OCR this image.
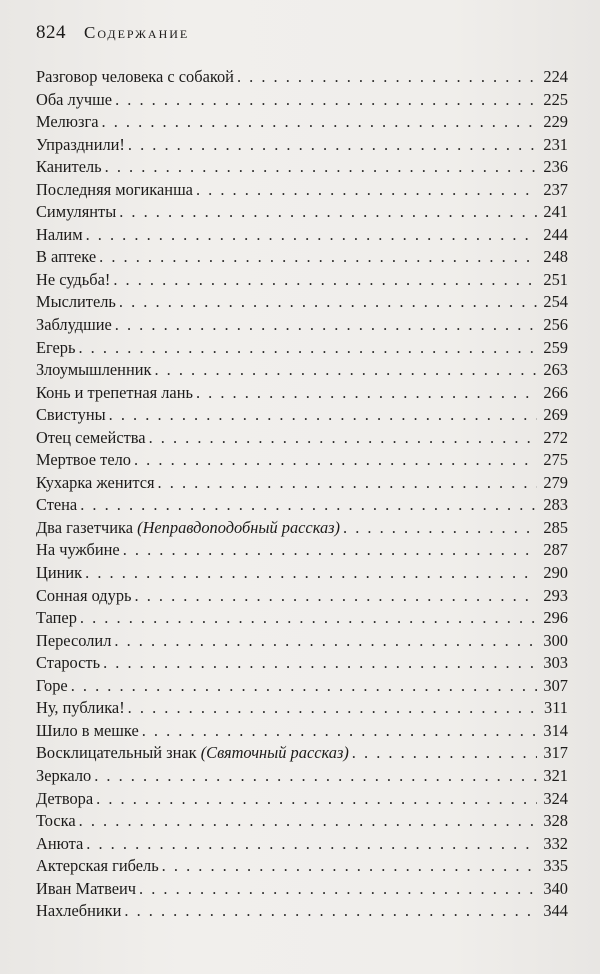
824 Содержание
Разговор человека с собакой . . .	224
Оба лучше . . .	225
Мелюзга . . .	229
Упразднили! . . .	231
Канитель . . .	236
Последняя могиканша . . .	237
Симулянты . . .	241
Налим . . .	244
В аптеке . . .	248
Не судьба! . . .	251
Мыслитель . . .	254
Заблудшие . . .	256
Егерь . . .	259
Злоумышленник . . .	263
Конь и трепетная лань . . .	266
Свистуны . . .	269
Отец семейства . . .	272
Мертвое тело . . .	275
Кухарка женится . . .	279
Стена . . .	283
Два газетчика (Неправдоподобный рассказ) . . .	285
На чужбине . . .	287
Циник . . .	290
Сонная одурь . . .	293
Тапер . . .	296
Пересолил . . .	300
Старость . . .	303
Горе . . .	307
Ну, публика! . . .	311
Шило в мешке . . .	314
Восклицательный знак (Святочный рассказ) . . .	317
Зеркало . . .	321
Детвора . . .	324
Тоска . . .	328
Анюта . . .	332
Актерская гибель . . .	335
Иван Матвеич . . .	340
Нахлебники . . .	344
